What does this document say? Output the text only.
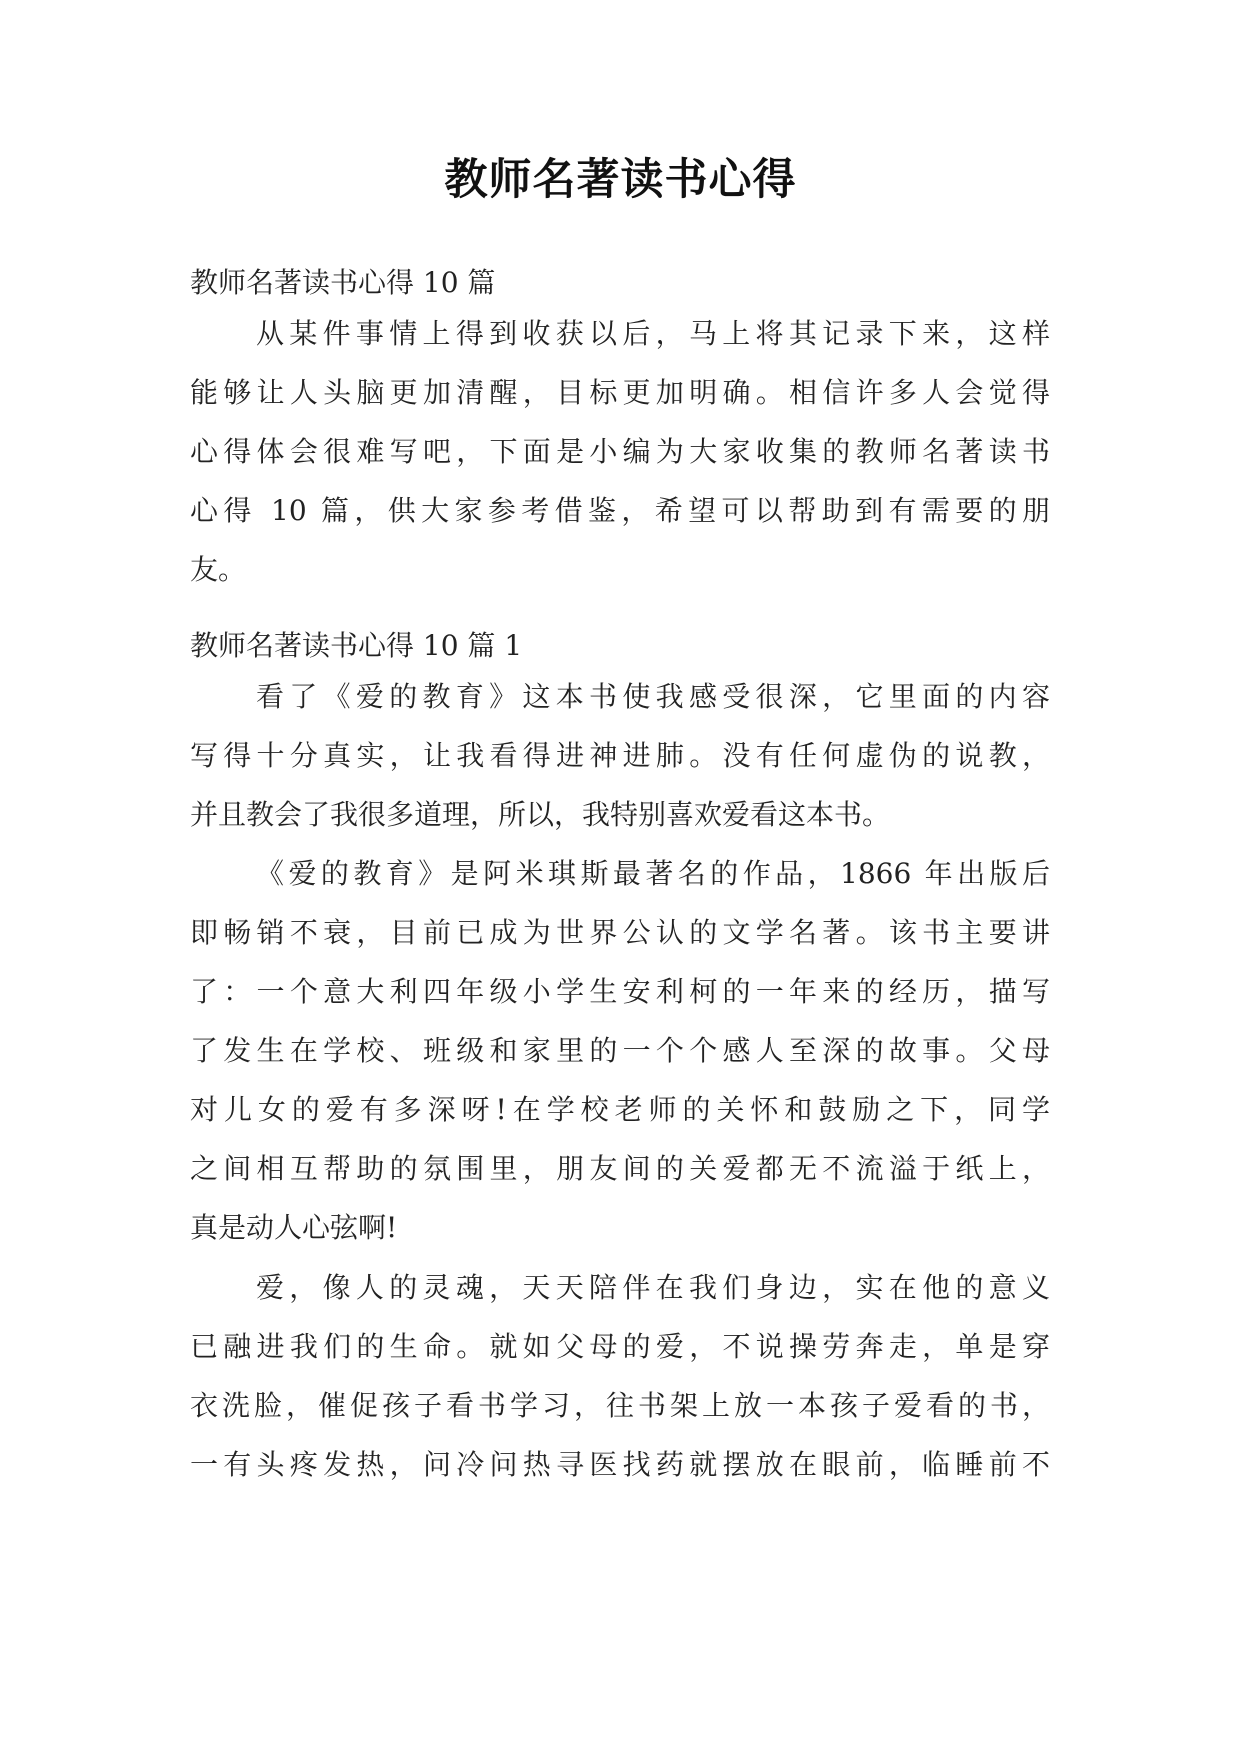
教师名著读书心得
教师名著读书心得 10 篇
从某件事情上得到收获以后，马上将其记录下来，这样
能够让人头脑更加清醒，目标更加明确。相信许多人会觉得
心得体会很难写吧，下面是小编为大家收集的教师名著读书
心得 10 篇，供大家参考借鉴，希望可以帮助到有需要的朋
友。
教师名著读书心得 10 篇 1
看了《爱的教育》这本书使我感受很深，它里面的内容
写得十分真实，让我看得进神进肺。没有任何虚伪的说教，
并且教会了我很多道理，所以，我特别喜欢爱看这本书。
《爱的教育》是阿米琪斯最著名的作品，1866 年出版后
即畅销不衰，目前已成为世界公认的文学名著。该书主要讲
了：一个意大利四年级小学生安利柯的一年来的经历，描写
了发生在学校、班级和家里的一个个感人至深的故事。父母
对儿女的爱有多深呀!在学校老师的关怀和鼓励之下，同学
之间相互帮助的氛围里，朋友间的关爱都无不流溢于纸上，
真是动人心弦啊!
爱，像人的灵魂，天天陪伴在我们身边，实在他的意义
已融进我们的生命。就如父母的爱，不说操劳奔走，单是穿
衣洗脸，催促孩子看书学习，往书架上放一本孩子爱看的书，
一有头疼发热，问冷问热寻医找药就摆放在眼前，临睡前不
